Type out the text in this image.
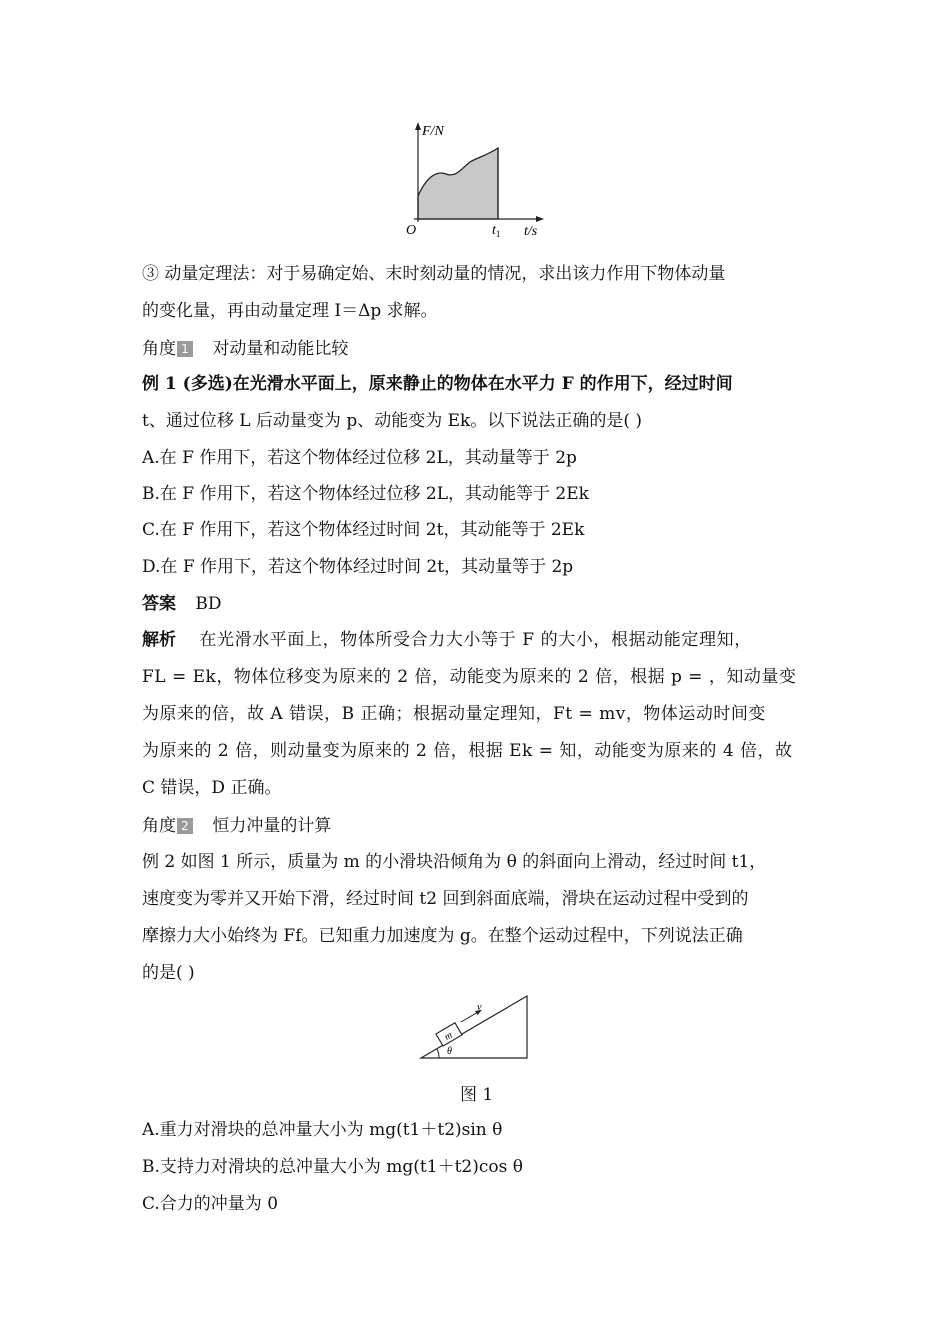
F/N
O	$t_1$ t/s
③ 动量定理法：对于易确定始、末时刻动量的情况，求出该力作用下物体动量
的变化量，再由动量定理 I＝Δp 求解。
角度 1 对动量和动能比较
例 1 (多选)在光滑水平面上，原来静止的物体在水平力 F 的作用下，经过时间
t、通过位移 L 后动量变为 p、动能变为 Ek。以下说法正确的是( )
A.在 F 作用下，若这个物体经过位移 2L，其动量等于 2p
B.在 F 作用下，若这个物体经过位移 2L，其动能等于 2Ek
C.在 F 作用下，若这个物体经过时间 2t，其动能等于 2Ek
D.在 F 作用下，若这个物体经过时间 2t，其动量等于 2p
答案 BD
解析 在光滑水平面上，物体所受合力大小等于 F 的大小，根据动能定理知，
FL = Ek，物体位移变为原来的 2 倍，动能变为原来的 2 倍，根据 p = ，知动量变
为原来的倍，故 A 错误，B 正确；根据动量定理知，Ft = mv，物体运动时间变
为原来的 2 倍，则动量变为原来的 2 倍，根据 Ek = 知，动能变为原来的 4 倍，故
C 错误，D 正确。
角度 2 恒力冲量的计算
例 2 如图 1 所示，质量为 m 的小滑块沿倾角为 θ 的斜面向上滑动，经过时间 t1，
速度变为零并又开始下滑，经过时间 t2 回到斜面底端，滑块在运动过程中受到的
摩擦力大小始终为 Ff。已知重力加速度为 g。在整个运动过程中，下列说法正确
的是( )
m
v
θ
图 1
A.重力对滑块的总冲量大小为 mg(t1＋t2)sin θ
B.支持力对滑块的总冲量大小为 mg(t1＋t2)cos θ
C.合力的冲量为 0
